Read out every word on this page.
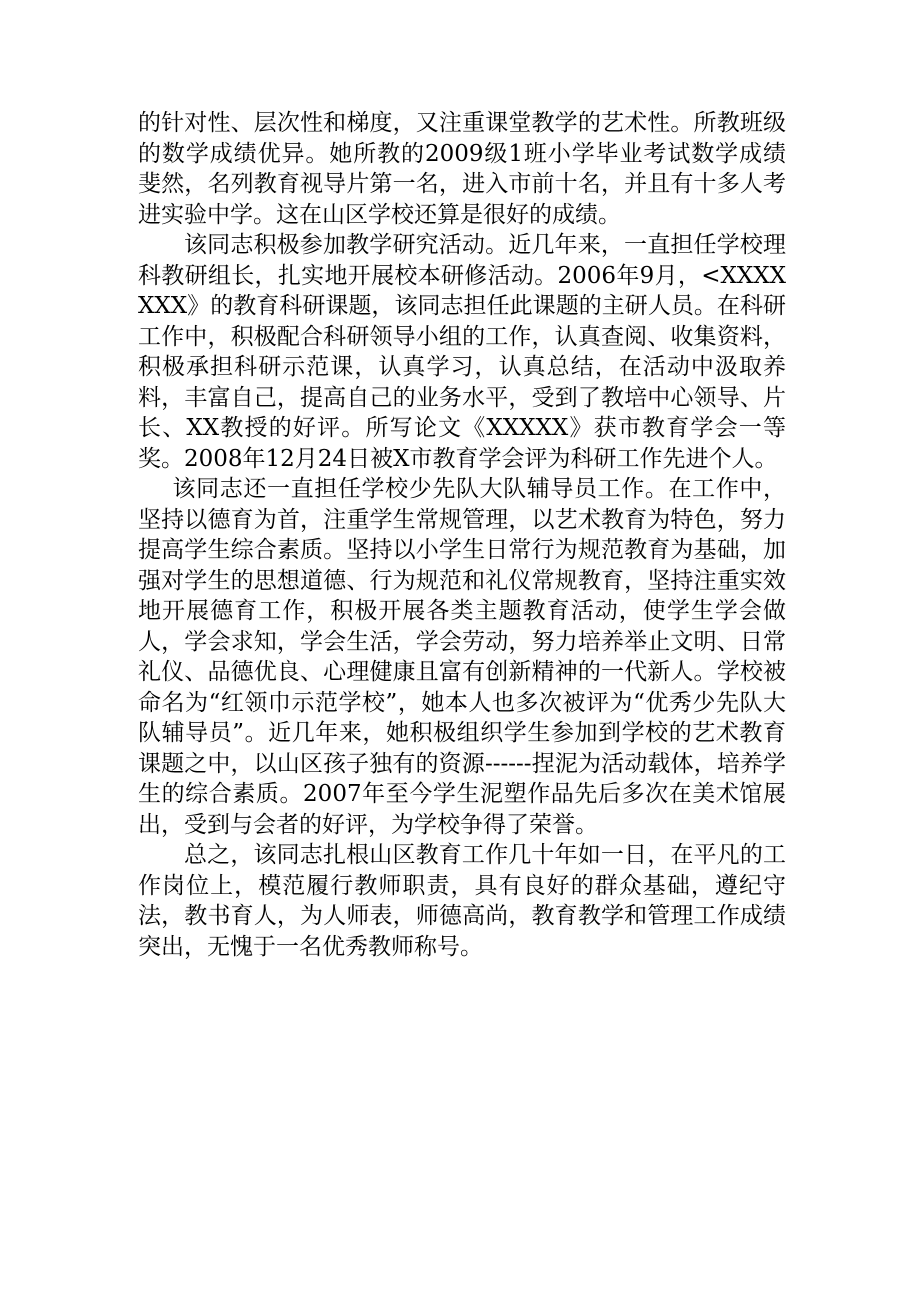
的针对性、层次性和梯度，又注重课堂教学的艺术性。所教班级的数学成绩优异。她所教的2009级1班小学毕业考试数学成绩斐然，名列教育视导片第一名，进入市前十名，并且有十多人考进实验中学。这在山区学校还算是很好的成绩。

该同志积极参加教学研究活动。近几年来，一直担任学校理科教研组长，扎实地开展校本研修活动。2006年9月，<XXXXXXX》的教育科研课题，该同志担任此课题的主研人员。在科研工作中，积极配合科研领导小组的工作，认真查阅、收集资料，积极承担科研示范课，认真学习，认真总结，在活动中汲取养料，丰富自己，提高自己的业务水平，受到了教培中心领导、片长、XX教授的好评。所写论文《XXXXX》获市教育学会一等奖。2008年12月24日被X市教育学会评为科研工作先进个人。

该同志还一直担任学校少先队大队辅导员工作。在工作中，坚持以德育为首，注重学生常规管理，以艺术教育为特色，努力提高学生综合素质。坚持以小学生日常行为规范教育为基础，加强对学生的思想道德、行为规范和礼仪常规教育，坚持注重实效地开展德育工作，积极开展各类主题教育活动，使学生学会做人，学会求知，学会生活，学会劳动，努力培养举止文明、日常礼仪、品德优良、心理健康且富有创新精神的一代新人。学校被命名为“红领巾示范学校”，她本人也多次被评为“优秀少先队大队辅导员”。近几年来，她积极组织学生参加到学校的艺术教育课题之中，以山区孩子独有的资源------捏泥为活动载体，培养学生的综合素质。2007年至今学生泥塑作品先后多次在美术馆展出，受到与会者的好评，为学校争得了荣誉。

总之，该同志扎根山区教育工作几十年如一日，在平凡的工作岗位上，模范履行教师职责，具有良好的群众基础，遵纪守法，教书育人，为人师表，师德高尚，教育教学和管理工作成绩突出，无愧于一名优秀教师称号。
